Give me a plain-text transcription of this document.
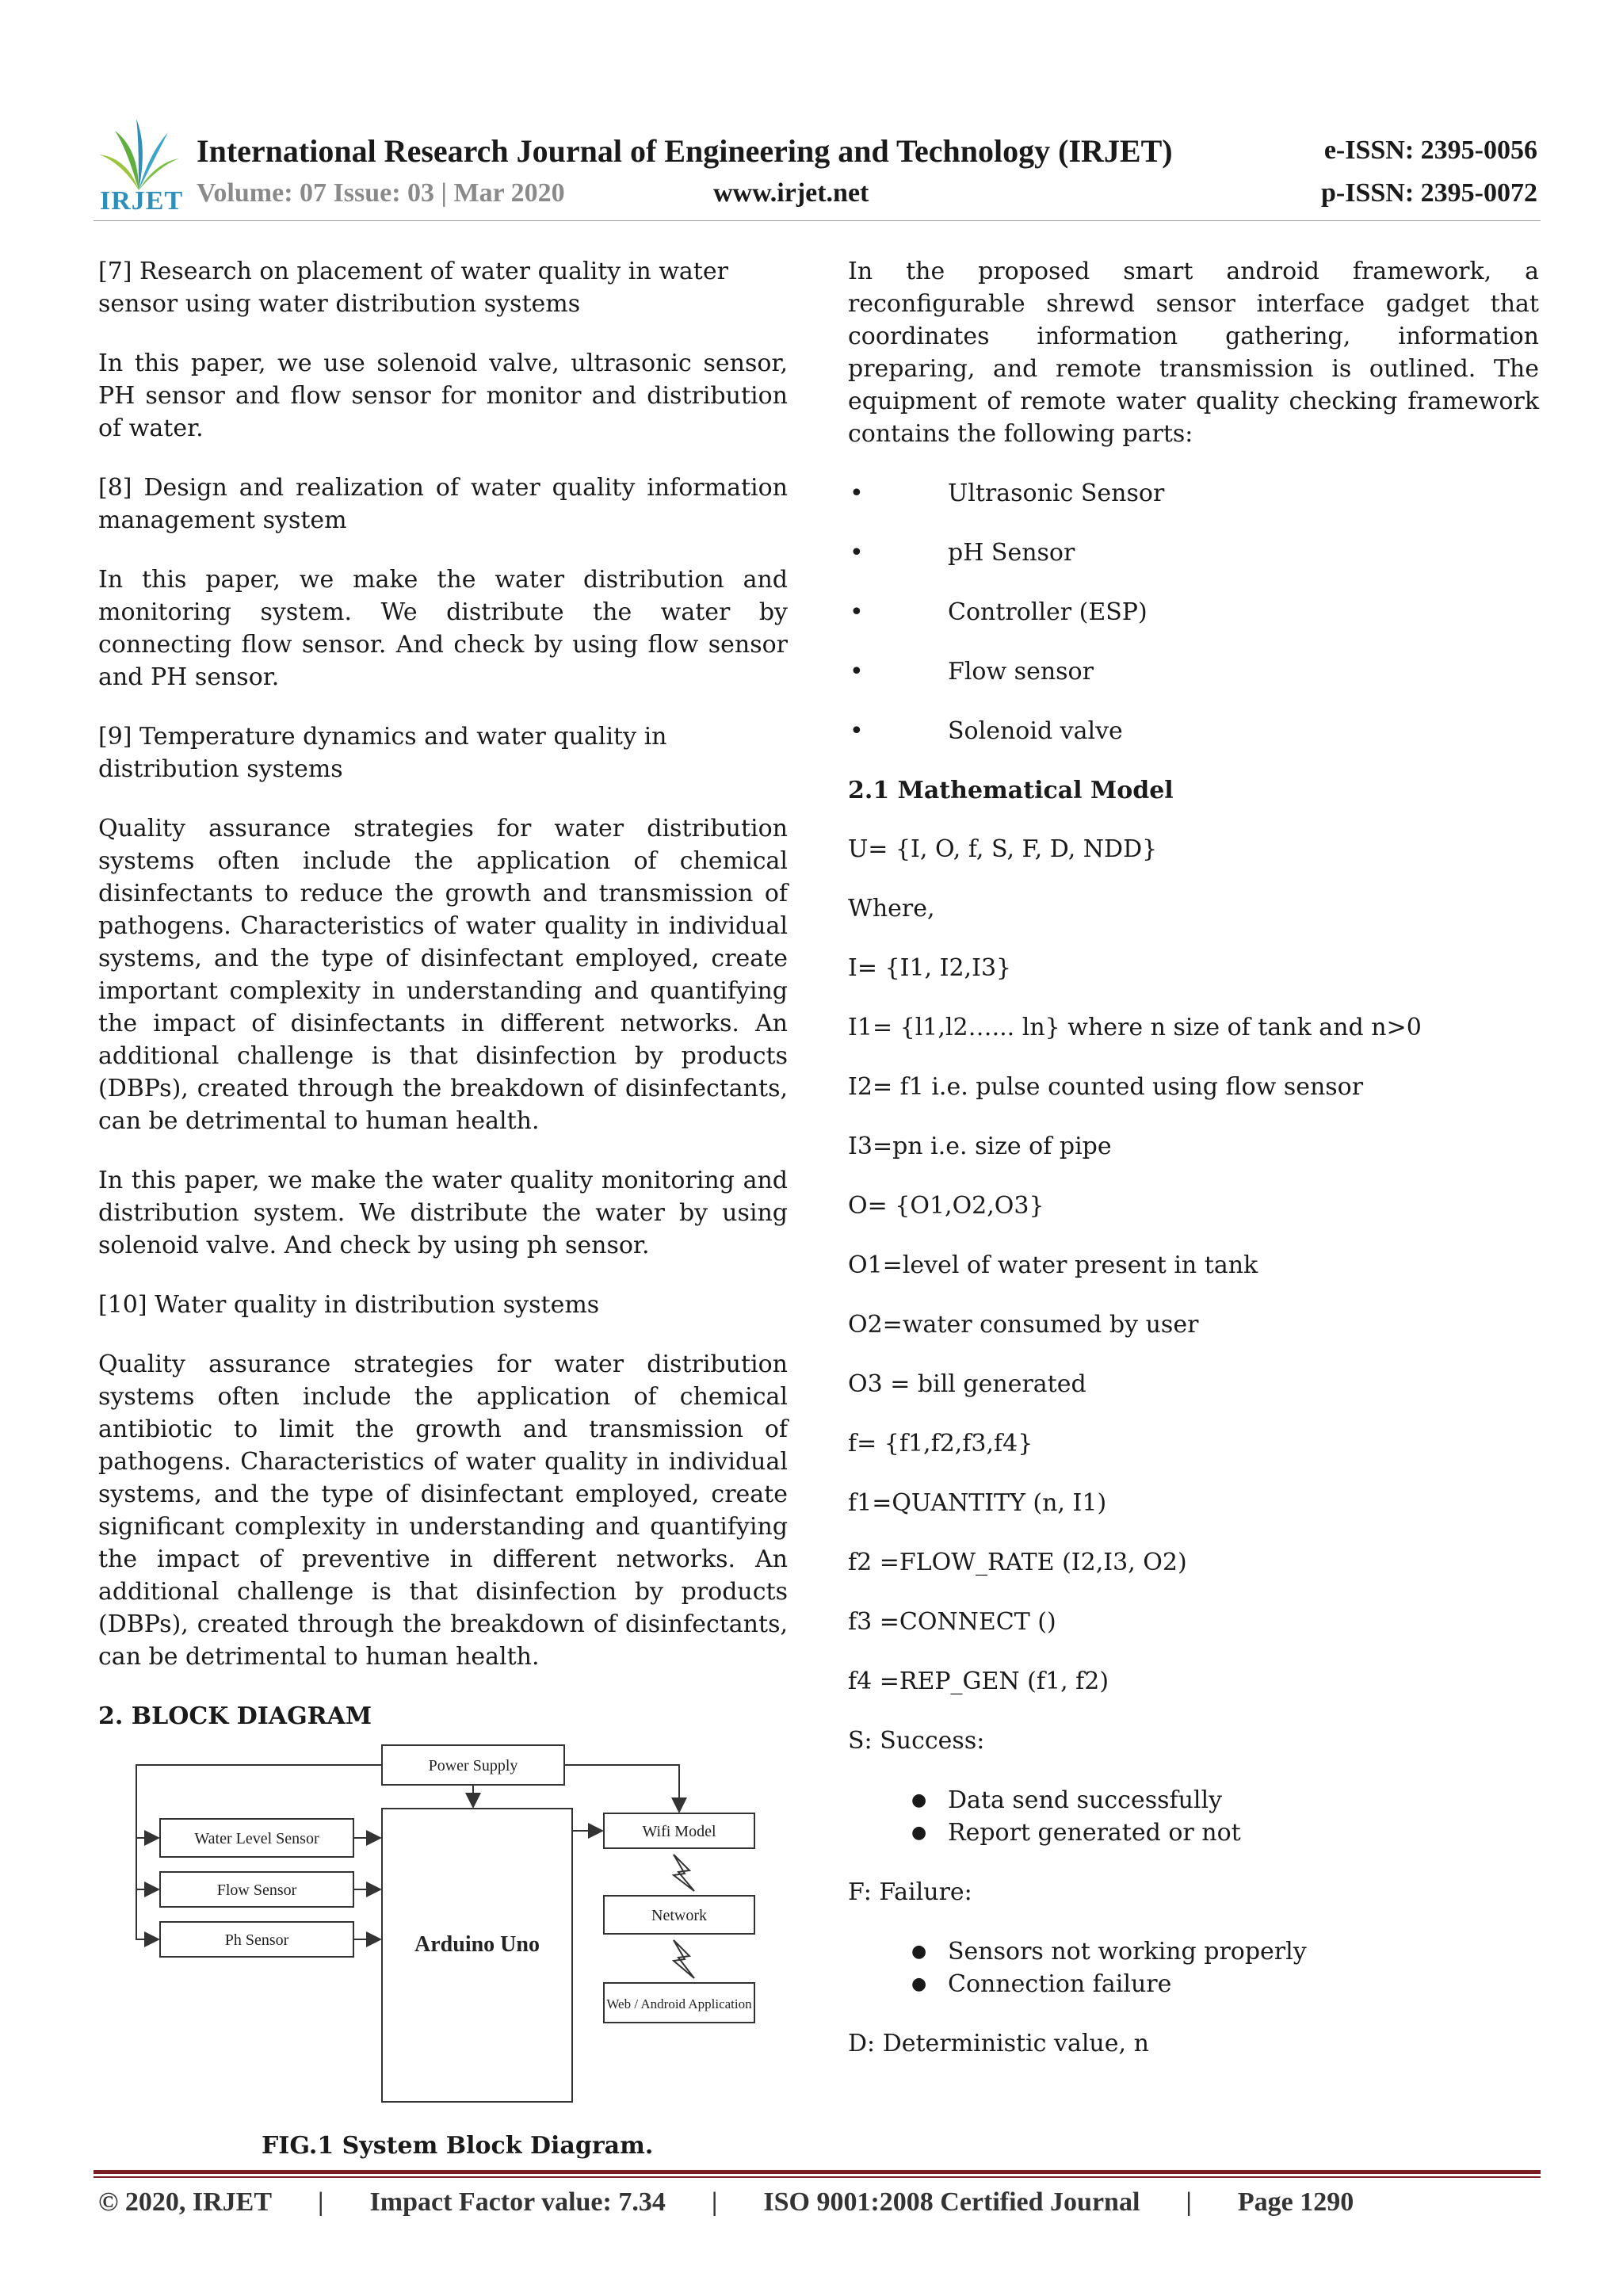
IRJET
International Research Journal of Engineering and Technology (IRJET)
Volume: 07 Issue: 03 | Mar 2020	www.irjet.net
e-ISSN: 2395-0056
p-ISSN: 2395-0072

[7] Research on placement of water quality in water sensor using water distribution systems

In this paper, we use solenoid valve, ultrasonic sensor, PH sensor and flow sensor for monitor and distribution of water.

[8] Design and realization of water quality information management system

In this paper, we make the water distribution and monitoring system. We distribute the water by connecting flow sensor. And check by using flow sensor and PH sensor.

[9] Temperature dynamics and water quality in distribution systems

Quality assurance strategies for water distribution systems often include the application of chemical disinfectants to reduce the growth and transmission of pathogens. Characteristics of water quality in individual systems, and the type of disinfectant employed, create important complexity in understanding and quantifying the impact of disinfectants in different networks. An additional challenge is that disinfection by products (DBPs), created through the breakdown of disinfectants, can be detrimental to human health.

In this paper, we make the water quality monitoring and distribution system. We distribute the water by using solenoid valve. And check by using ph sensor.

[10] Water quality in distribution systems

Quality assurance strategies for water distribution systems often include the application of chemical antibiotic to limit the growth and transmission of pathogens. Characteristics of water quality in individual systems, and the type of disinfectant employed, create significant complexity in understanding and quantifying the impact of preventive in different networks. An additional challenge is that disinfection by products (DBPs), created through the breakdown of disinfectants, can be detrimental to human health.

2. BLOCK DIAGRAM
Power Supply
Water Level Sensor
Flow Sensor
Ph Sensor	Arduino Uno
Wifi Model
Network
Web / Android Application
FIG.1 System Block Diagram.

In the proposed smart android framework, a reconfigurable shrewd sensor interface gadget that coordinates information gathering, information preparing, and remote transmission is outlined. The equipment of remote water quality checking framework contains the following parts:

• Ultrasonic Sensor
• pH Sensor
• Controller (ESP)
• Flow sensor
• Solenoid valve
2.1 Mathematical Model

U= {I, O, f, S, F, D, NDD}

Where,

I= {I1, I2,I3}

I1= {l1,l2…... ln} where n size of tank and n>0

I2= f1 i.e. pulse counted using flow sensor

I3=pn i.e. size of pipe

O= {O1,O2,O3}

O1=level of water present in tank

O2=water consumed by user

O3 = bill generated

f= {f1,f2,f3,f4}

f1=QUANTITY (n, I1)

f2 =FLOW_RATE (I2,I3, O2)

f3 =CONNECT ()

f4 =REP_GEN (f1, f2)

S: Success:

● Data send successfully
● Report generated or not

F: Failure:

● Sensors not working properly
● Connection failure

D: Deterministic value, n

© 2020, IRJET | Impact Factor value: 7.34 | ISO 9001:2008 Certified Journal | Page 1290
